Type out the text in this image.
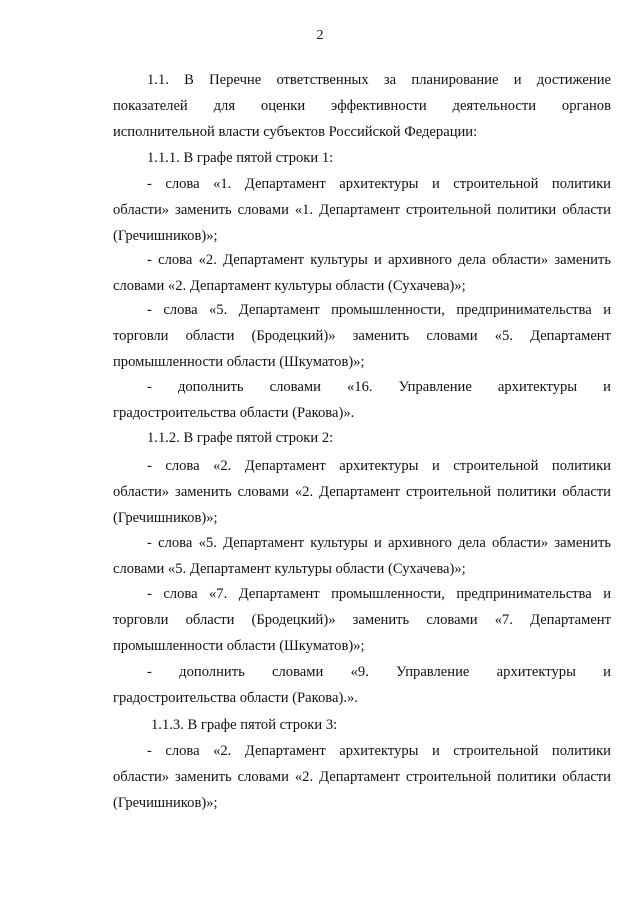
2
1.1. В Перечне ответственных за планирование и достижение
показателей для оценки эффективности деятельности органов
исполнительной власти субъектов Российской Федерации:
1.1.1. В графе пятой строки 1:
- слова «1. Департамент архитектуры и строительной политики
области» заменить словами «1. Департамент строительной политики области
(Гречишников)»;
- слова «2. Департамент культуры и архивного дела области» заменить
словами «2. Департамент культуры области (Сухачева)»;
- слова «5. Департамент промышленности, предпринимательства и
торговли области (Бродецкий)» заменить словами «5. Департамент
промышленности области (Шкуматов)»;
- дополнить словами «16. Управление архитектуры и
градостроительства области (Ракова)».
1.1.2. В графе пятой строки 2:
- слова «2. Департамент архитектуры и строительной политики
области» заменить словами «2. Департамент строительной политики области
(Гречишников)»;
- слова «5. Департамент культуры и архивного дела области» заменить
словами «5. Департамент культуры области (Сухачева)»;
- слова «7. Департамент промышленности, предпринимательства и
торговли области (Бродецкий)» заменить словами «7. Департамент
промышленности области (Шкуматов)»;
- дополнить словами «9. Управление архитектуры и
градостроительства области (Ракова).».
1.1.3. В графе пятой строки 3:
- слова «2. Департамент архитектуры и строительной политики
области» заменить словами «2. Департамент строительной политики области
(Гречишников)»;
